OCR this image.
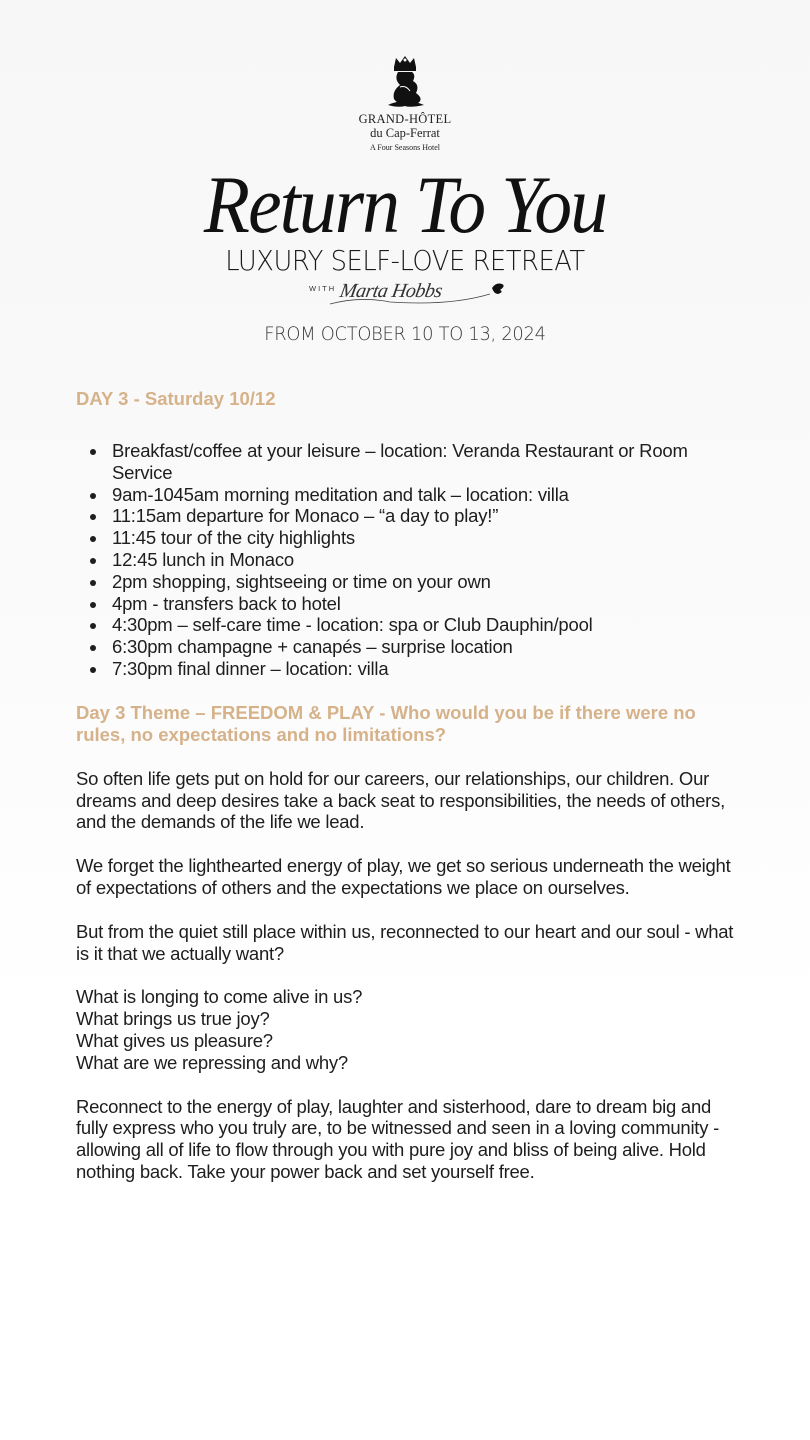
GRAND-HÔTEL
du Cap-Ferrat
A Four Seasons Hotel
Return To You
LUXURY SELF-LOVE RETREAT
WITH Marta Hobbs
FROM OCTOBER 10 TO 13, 2024
DAY 3 - Saturday 10/12
Breakfast/coffee at your leisure – location: Veranda Restaurant or Room Service
9am-1045am morning meditation and talk – location: villa
11:15am departure for Monaco – “a day to play!”
11:45 tour of the city highlights
12:45 lunch in Monaco
2pm shopping, sightseeing or time on your own
4pm - transfers back to hotel
4:30pm – self-care time - location: spa or Club Dauphin/pool
6:30pm champagne + canapés – surprise location
7:30pm final dinner – location: villa
Day 3 Theme – FREEDOM & PLAY - Who would you be if there were no rules, no expectations and no limitations?

So often life gets put on hold for our careers, our relationships, our children. Our dreams and deep desires take a back seat to responsibilities, the needs of others, and the demands of the life we lead.

We forget the lighthearted energy of play, we get so serious underneath the weight of expectations of others and the expectations we place on ourselves.

But from the quiet still place within us, reconnected to our heart and our soul - what is it that we actually want?

What is longing to come alive in us?
What brings us true joy?
What gives us pleasure?
What are we repressing and why?

Reconnect to the energy of play, laughter and sisterhood, dare to dream big and fully express who you truly are, to be witnessed and seen in a loving community - allowing all of life to flow through you with pure joy and bliss of being alive. Hold nothing back. Take your power back and set yourself free.
